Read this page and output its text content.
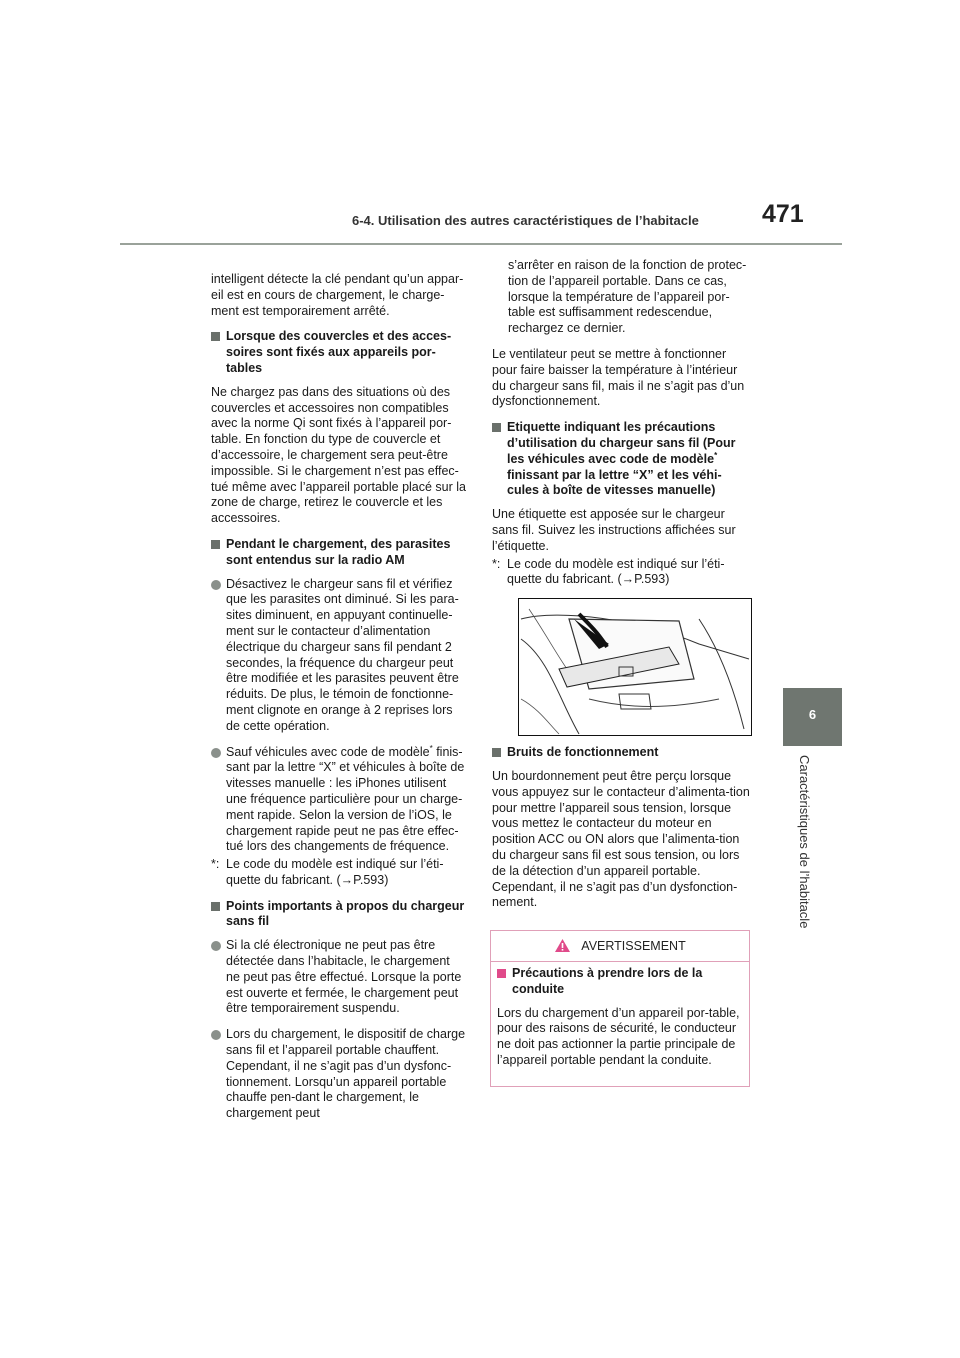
6-4. Utilisation des autres caractéristiques de l’habitacle	471
6
Caractéristiques de l’habitacle
intelligent détecte la clé pendant qu’un appar-eil est en cours de chargement, le charge-ment est temporairement arrêté.
Lorsque des couvercles et des acces-soires sont fixés aux appareils por-tables
Ne chargez pas dans des situations où des couvercles et accessoires non compatibles avec la norme Qi sont fixés à l’appareil por-table. En fonction du type de couvercle et d’accessoire, le chargement sera peut-être impossible. Si le chargement n’est pas effec-tué même avec l’appareil portable placé sur la zone de charge, retirez le couvercle et les accessoires.
Pendant le chargement, des parasites sont entendus sur la radio AM
Désactivez le chargeur sans fil et vérifiez que les parasites ont diminué. Si les para-sites diminuent, en appuyant continuelle-ment sur le contacteur d’alimentation électrique du chargeur sans fil pendant 2 secondes, la fréquence du chargeur peut être modifiée et les parasites peuvent être réduits. De plus, le témoin de fonctionne-ment clignote en orange à 2 reprises lors de cette opération.
Sauf véhicules avec code de modèle* finis-sant par la lettre “X” et véhicules à boîte de vitesses manuelle : les iPhones utilisent une fréquence particulière pour un charge-ment rapide. Selon la version de l’iOS, le chargement rapide peut ne pas être effec-tué lors des changements de fréquence.
*: Le code du modèle est indiqué sur l’éti-quette du fabricant. (→P.593)
Points importants à propos du chargeur sans fil
Si la clé électronique ne peut pas être détectée dans l’habitacle, le chargement ne peut pas être effectué. Lorsque la porte est ouverte et fermée, le chargement peut être temporairement suspendu.
Lors du chargement, le dispositif de charge sans fil et l’appareil portable chauffent. Cependant, il ne s’agit pas d’un dysfonc-tionnement. Lorsqu’un appareil portable chauffe pen-dant le chargement, le chargement peut
s’arrêter en raison de la fonction de protec-tion de l’appareil portable. Dans ce cas, lorsque la température de l’appareil por-table est suffisamment redescendue, rechargez ce dernier.
Le ventilateur peut se mettre à fonctionner pour faire baisser la température à l’intérieur du chargeur sans fil, mais il ne s’agit pas d’un dysfonctionnement.
Etiquette indiquant les précautions d’utilisation du chargeur sans fil (Pour les véhicules avec code de modèle* finissant par la lettre “X” et les véhi-cules à boîte de vitesses manuelle)
Une étiquette est apposée sur le chargeur sans fil. Suivez les instructions affichées sur l’étiquette.
*: Le code du modèle est indiqué sur l’éti-quette du fabricant. (→P.593)
Bruits de fonctionnement
Un bourdonnement peut être perçu lorsque vous appuyez sur le contacteur d’alimenta-tion pour mettre l’appareil sous tension, lorsque vous mettez le contacteur du moteur en position ACC ou ON alors que l’alimenta-tion du chargeur sans fil est sous tension, ou lors de la détection d’un appareil portable. Cependant, il ne s’agit pas d’un dysfonction-nement.
AVERTISSEMENT
Précautions à prendre lors de la conduite
Lors du chargement d’un appareil por-table, pour des raisons de sécurité, le conducteur ne doit pas actionner la partie principale de l’appareil portable pendant la conduite.
